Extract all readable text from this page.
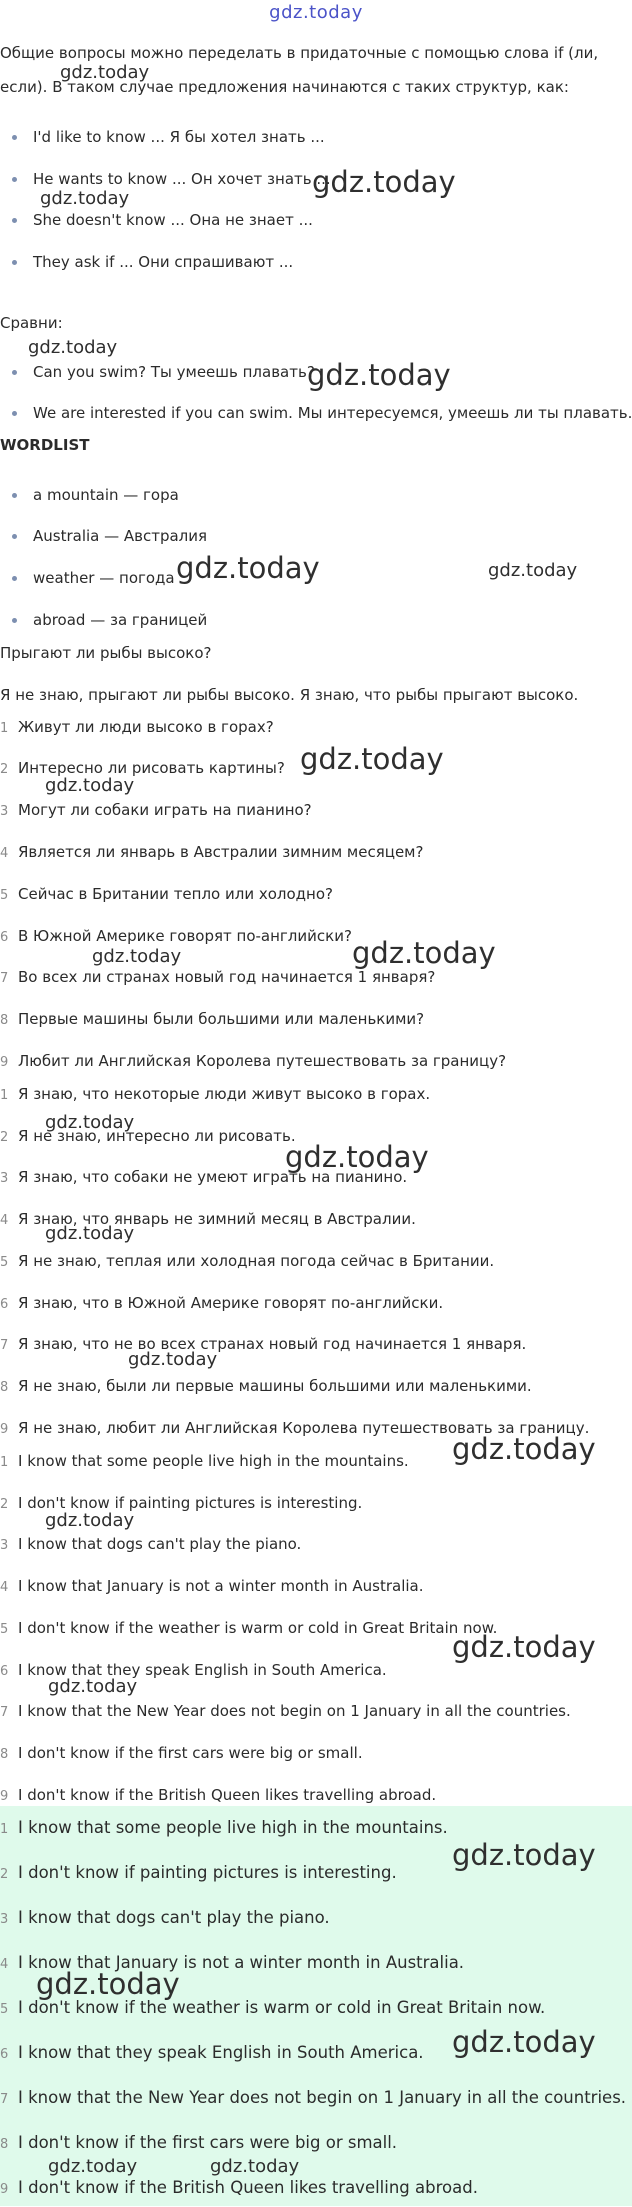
gdz.today
Общие вопросы можно переделать в придаточные с помощью слова if (ли,
если). В таком случае предложения начинаются с таких структур, как:
I'd like to know ... Я бы хотел знать ...
He wants to know ... Он хочет знать ...
She doesn't know ... Она не знает ...
They ask if ... Они спрашивают ...
Сравни:
Can you swim? Ты умеешь плавать?
We are interested if you can swim. Мы интересуемся, умеешь ли ты плавать.
WORDLIST
a mountain — гора
Australia — Австралия
weather — погода
abroad — за границей
Прыгают ли рыбы высоко?
Я не знаю, прыгают ли рыбы высоко. Я знаю, что рыбы прыгают высоко.
1 Живут ли люди высоко в горах?
2 Интересно ли рисовать картины?
3 Могут ли собаки играть на пианино?
4 Является ли январь в Австралии зимним месяцем?
5 Сейчас в Британии тепло или холодно?
6 В Южной Америке говорят по-английски?
7 Во всех ли странах новый год начинается 1 января?
8 Первые машины были большими или маленькими?
9 Любит ли Английская Королева путешествовать за границу?
1 Я знаю, что некоторые люди живут высоко в горах.
2 Я не знаю, интересно ли рисовать.
3 Я знаю, что собаки не умеют играть на пианино.
4 Я знаю, что январь не зимний месяц в Австралии.
5 Я не знаю, теплая или холодная погода сейчас в Британии.
6 Я знаю, что в Южной Америке говорят по-английски.
7 Я знаю, что не во всех странах новый год начинается 1 января.
8 Я не знаю, были ли первые машины большими или маленькими.
9 Я не знаю, любит ли Английская Королева путешествовать за границу.
1 I know that some people live high in the mountains.
2 I don't know if painting pictures is interesting.
3 I know that dogs can't play the piano.
4 I know that January is not a winter month in Australia.
5 I don't know if the weather is warm or cold in Great Britain now.
6 I know that they speak English in South America.
7 I know that the New Year does not begin on 1 January in all the countries.
8 I don't know if the first cars were big or small.
9 I don't know if the British Queen likes travelling abroad.
1 I know that some people live high in the mountains.
2 I don't know if painting pictures is interesting.
3 I know that dogs can't play the piano.
4 I know that January is not a winter month in Australia.
5 I don't know if the weather is warm or cold in Great Britain now.
6 I know that they speak English in South America.
7 I know that the New Year does not begin on 1 January in all the countries.
8 I don't know if the first cars were big or small.
9 I don't know if the British Queen likes travelling abroad.
gdz.today
gdz.today
gdz.today
gdz.today
gdz.today
gdz.today	gdz.today
gdz.today
gdz.today
gdz.today
gdz.today
gdz.today
gdz.today
gdz.today
gdz.today
gdz.today
gdz.today
gdz.today
gdz.today
gdz.today
gdz.today
gdz.today
gdz.today	gdz.today
